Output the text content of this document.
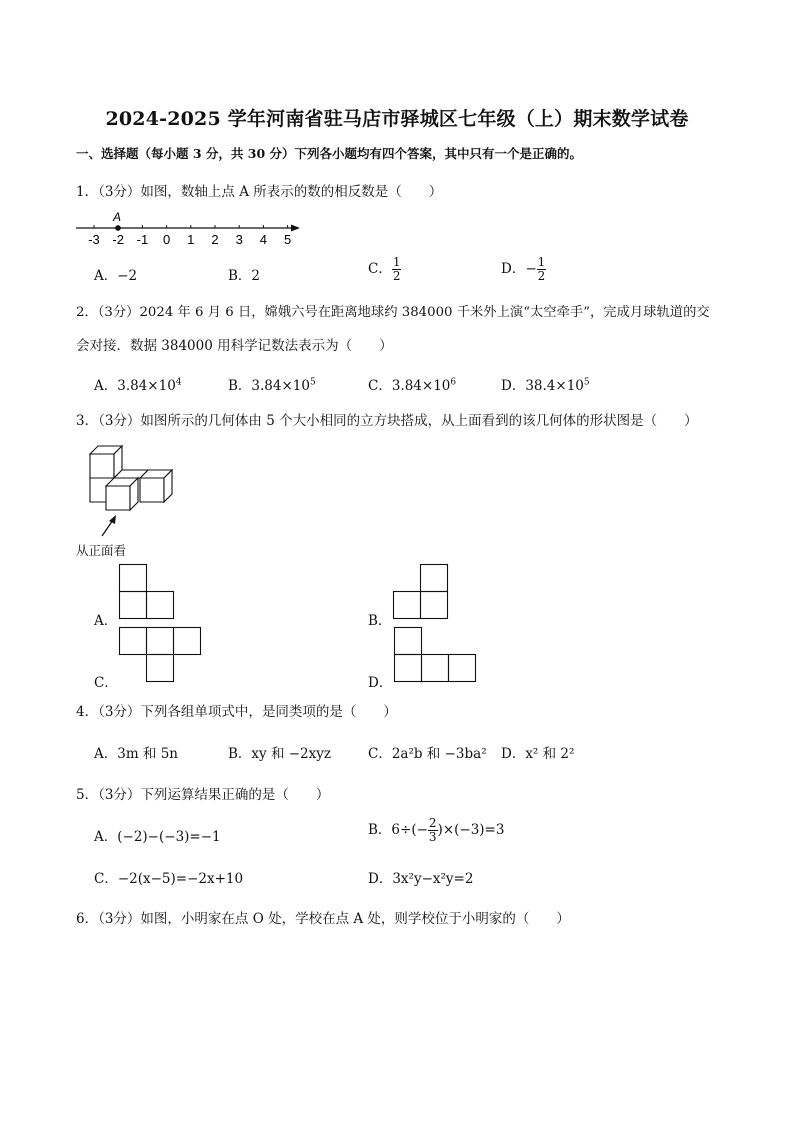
2024-2025 学年河南省驻马店市驿城区七年级（上）期末数学试卷
一、选择题（每小题 3 分，共 30 分）下列各小题均有四个答案，其中只有一个是正确的。
1．（3分）如图，数轴上点 A 所表示的数的相反数是（　　）
-3 -2 -1 0 1 2 3 4 5
A
A．−2	B．2	C． $\frac{1}{2}$	D．− $\frac{1}{2}$
2．（3分）2024 年 6 月 6 日，嫦娥六号在距离地球约 384000 千米外上演“太空牵手”，完成月球轨道的交
会对接．数据 384000 用科学记数法表示为（　　）
A．$3.84\times 10^4$	B．$3.84\times 10^5$	C．$3.84\times 10^6$	D．$38.4\times 10^5$
3．（3分）如图所示的几何体由 5 个大小相同的立方块搭成，从上面看到的该几何体的形状图是（　　）
从正面看
A．	B．
C．	D．
4．（3分）下列各组单项式中，是同类项的是（　　）
A．3m 和 5n	B．xy 和 −2xyz	C．2a²b 和 −3ba² D．x² 和 2²
5．（3分）下列运算结果正确的是（　　）
A．(−2)−(−3)=−1	B．$6\div(- \frac{2}{3} )\times(-3)=3$
C．−2(x−5)=−2x+10	D．3x²y−x²y=2
6．（3分）如图，小明家在点 O 处，学校在点 A 处，则学校位于小明家的（　　）
